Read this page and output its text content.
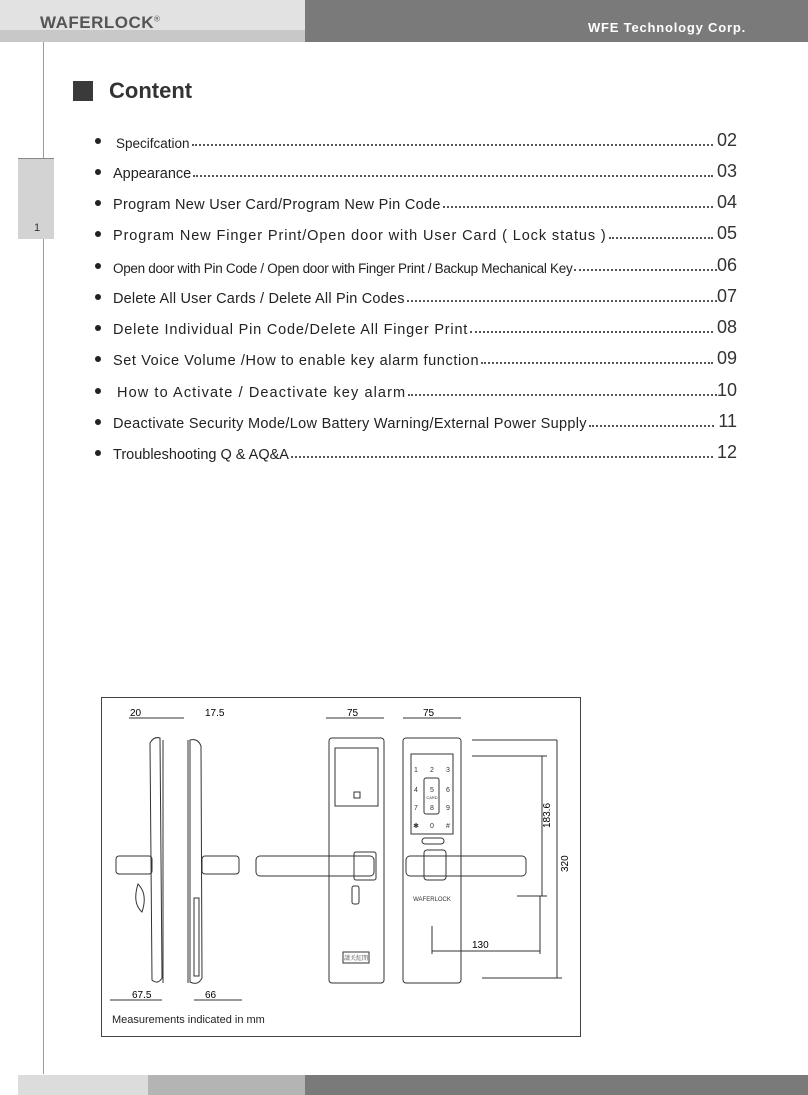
WAFERLOCK®
WFE Technology Corp.
1
Content
Specifcation	02
Appearance	03
Program New User Card/Program New Pin Code	04
Program New Finger Print/Open door with User Card ( Lock status )	05
Open door with Pin Code / Open door with Finger Print / Backup Mechanical Key	06
Delete All User Cards / Delete All Pin Codes	07
Delete Individual Pin Code/Delete All Finger Print	08
Set Voice Volume /How to enable key alarm function	09
How to Activate / Deactivate key alarm	10
Deactivate Security Mode/Low Battery Warning/External Power Supply	11
Troubleshooting Q & AQ&A	12
20	17.5	75	75
183.6
320
130
67.5	66
1 2 3
4 5 6
7 8 9
✱ 0 #
CARD
WAFERLOCK
請关紅閉
Measurements indicated in mm
